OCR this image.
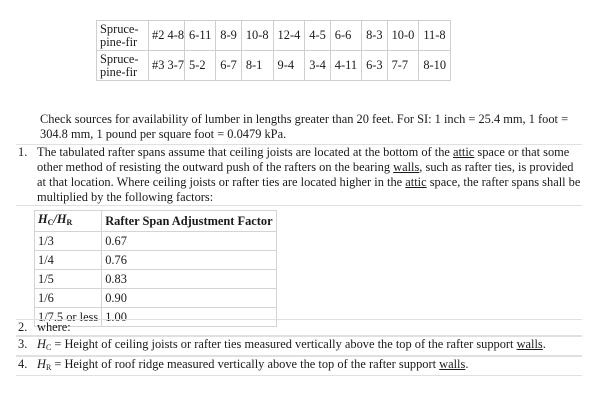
Spruce-
pine-fir	#2 4-8	6-11	8-9	10-8	12-4	4-5	6-6	8-3	10-0	11-8
Spruce-
pine-fir	#3 3-7	5-2	6-7	8-1	9-4	3-4	4-11	6-3	7-7	8-10
Check sources for availability of lumber in lengths greater than 20 feet. For SI: 1 inch = 25.4 mm, 1 foot = 304.8 mm, 1 pound per square foot = 0.0479 kPa.
1. The tabulated rafter spans assume that ceiling joists are located at the bottom of the attic space or that some other method of resisting the outward push of the rafters on the bearing walls, such as rafter ties, is provided at that location. Where ceiling joists or rafter ties are located higher in the attic space, the rafter spans shall be multiplied by the following factors:
$H_C/H_R$	Rafter Span Adjustment Factor
1/3	0.67
1/4	0.76
1/5	0.83
1/6	0.90
1/7.5 or less	1.00
2. where:
3. $H_C$ = Height of ceiling joists or rafter ties measured vertically above the top of the rafter support walls.
4. $H_R$ = Height of roof ridge measured vertically above the top of the rafter support walls.
